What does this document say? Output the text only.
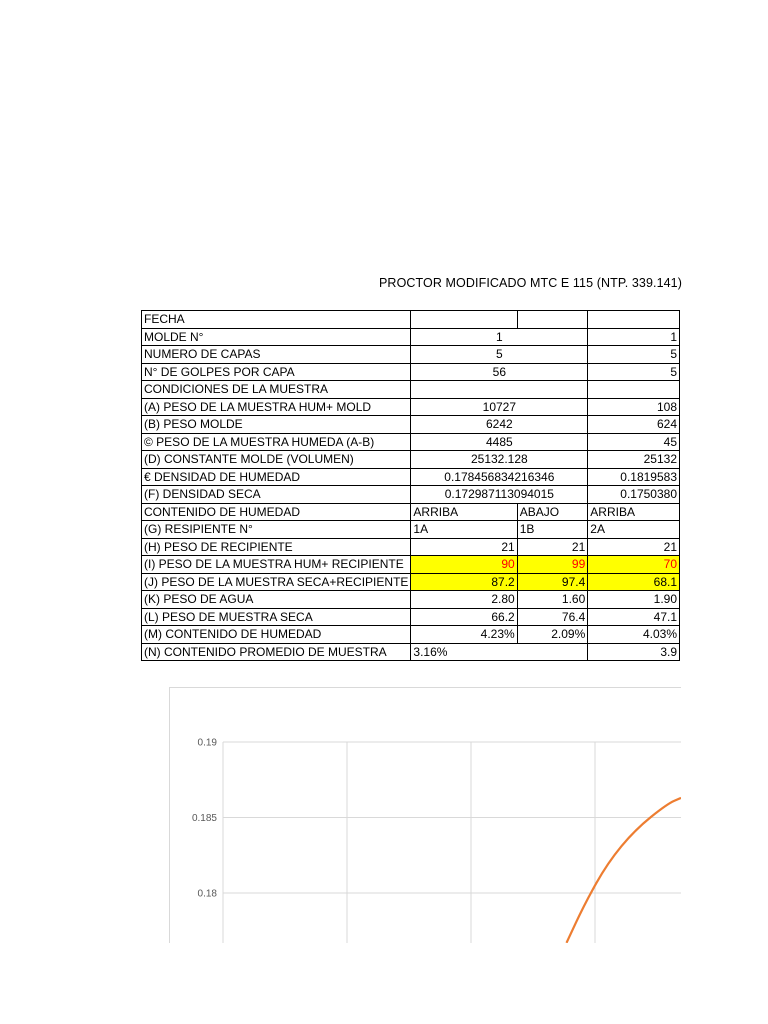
PROCTOR MODIFICADO MTC E 115 (NTP. 339.141)
FECHA			
MOLDE N°	1		1
NUMERO DE CAPAS	5		5
N° DE GOLPES POR CAPA	56		5
CONDICIONES DE LA MUESTRA			
(A) PESO DE LA MUESTRA HUM+ MOLD	10727		108
(B) PESO MOLDE	6242		624
© PESO DE LA MUESTRA HUMEDA (A-B)	4485		45
(D) CONSTANTE MOLDE (VOLUMEN)	25132.128		25132
€ DENSIDAD DE HUMEDAD	0.178456834216346		0.1819583
(F) DENSIDAD SECA	0.172987113094015		0.1750380
CONTENIDO DE HUMEDAD	ARRIBA	ABAJO	ARRIBA
(G) RESIPIENTE N°	1A	1B	2A
(H) PESO DE RECIPIENTE	21	21	21
(I) PESO DE LA MUESTRA HUM+ RECIPIENTE	90	99	70
(J) PESO DE LA MUESTRA SECA+RECIPIENTE	87.2	97.4	68.1
(K) PESO DE AGUA	2.80	1.60	1.90
(L) PESO DE MUESTRA SECA	66.2	76.4	47.1
(M) CONTENIDO DE HUMEDAD	4.23%	2.09%	4.03%
(N) CONTENIDO PROMEDIO DE MUESTRA	3.16%		3.9
0.19
0.185
0.18
